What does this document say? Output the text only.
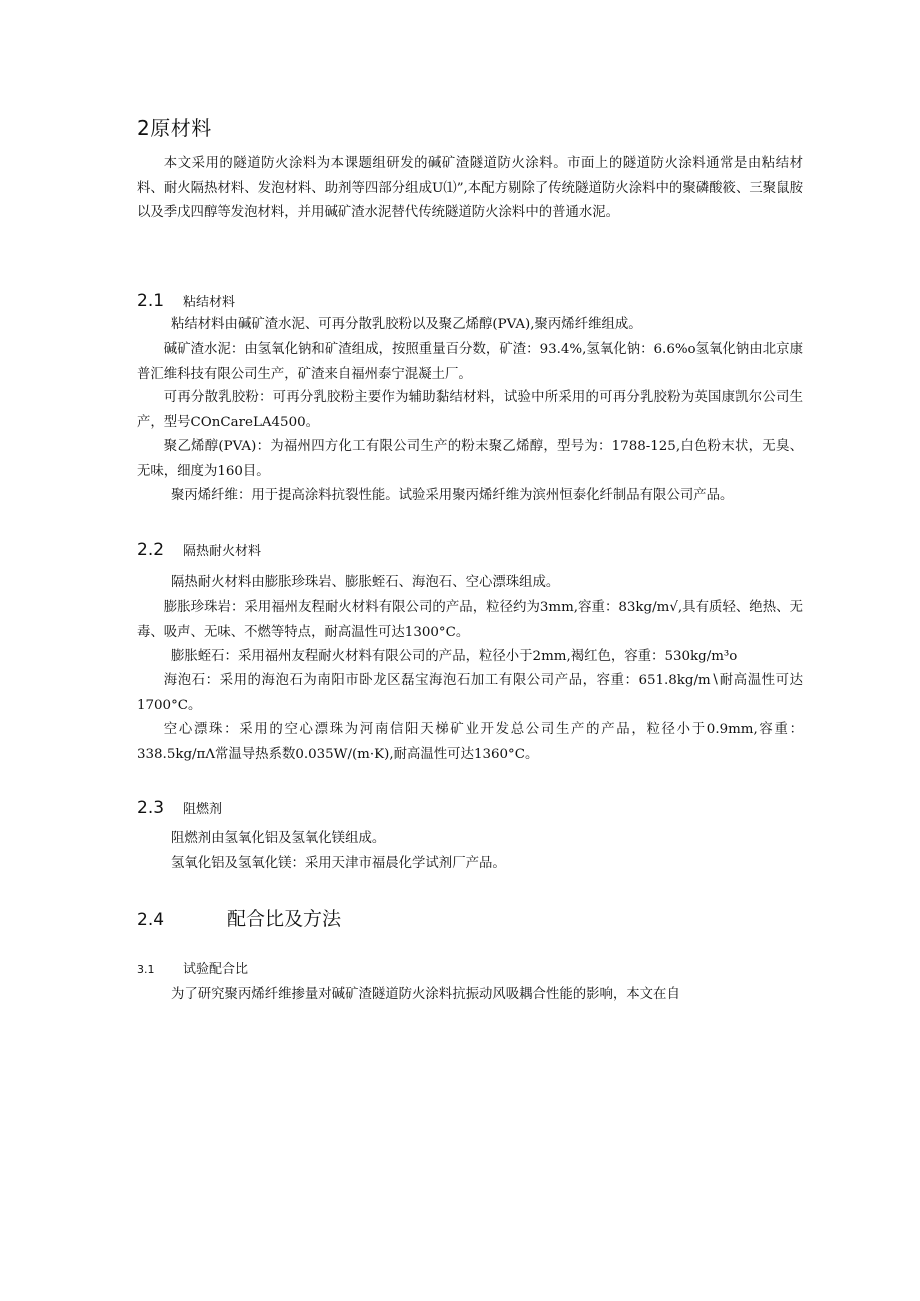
2原材料

本文采用的隧道防火涂料为本课题组研发的碱矿渣隧道防火涂料。市面上的隧道防火涂料通常是由粘结材料、耐火隔热材料、发泡材料、助剂等四部分组成U⑴”,本配方剔除了传统隧道防火涂料中的聚磷酸筱、三聚鼠胺以及季戊四醇等发泡材料，并用碱矿渣水泥替代传统隧道防火涂料中的普通水泥。

2.1 粘结材料

粘结材料由碱矿渣水泥、可再分散乳胶粉以及聚乙烯醇(PVA),聚丙烯纤维组成。

碱矿渣水泥：由氢氧化钠和矿渣组成，按照重量百分数，矿渣：93.4%,氢氧化钠：6.6%o氢氧化钠由北京康普汇维科技有限公司生产，矿渣来自福州泰宁混凝土厂。

可再分散乳胶粉：可再分乳胶粉主要作为辅助黏结材料，试验中所采用的可再分乳胶粉为英国康凯尔公司生产，型号COnCareLA4500。

聚乙烯醇(PVA)：为福州四方化工有限公司生产的粉末聚乙烯醇，型号为：1788-125,白色粉末状，无臭、无味，细度为160目。

聚丙烯纤维：用于提高涂料抗裂性能。试验采用聚丙烯纤维为滨州恒泰化纤制品有限公司产品。

2.2 隔热耐火材料

隔热耐火材料由膨胀珍珠岩、膨胀蛭石、海泡石、空心漂珠组成。

膨胀珍珠岩：采用福州友程耐火材料有限公司的产品，粒径约为3mm,容重：83kg∕m√,具有质轻、绝热、无毒、吸声、无味、不燃等特点，耐高温性可达1300°C。

膨胀蛭石：采用福州友程耐火材料有限公司的产品，粒径小于2mm,褐红色，容重：530kg∕m³o

海泡石：采用的海泡石为南阳市卧龙区磊宝海泡石加工有限公司产品，容重：651.8kg∕m∖耐高温性可达1700°C。

空心漂珠：采用的空心漂珠为河南信阳天梯矿业开发总公司生产的产品，粒径小于0.9mm,容重：338.5kg∕πΛ常温导热系数0.035W/(m·K),耐高温性可达1360°C。

2.3 阻燃剂

阻燃剂由氢氧化铝及氢氧化镁组成。

氢氧化铝及氢氧化镁：采用天津市福晨化学试剂厂产品。

2.4	配合比及方法
3.1 试验配合比

为了研究聚丙烯纤维掺量对碱矿渣隧道防火涂料抗振动风吸耦合性能的影响，本文在自
